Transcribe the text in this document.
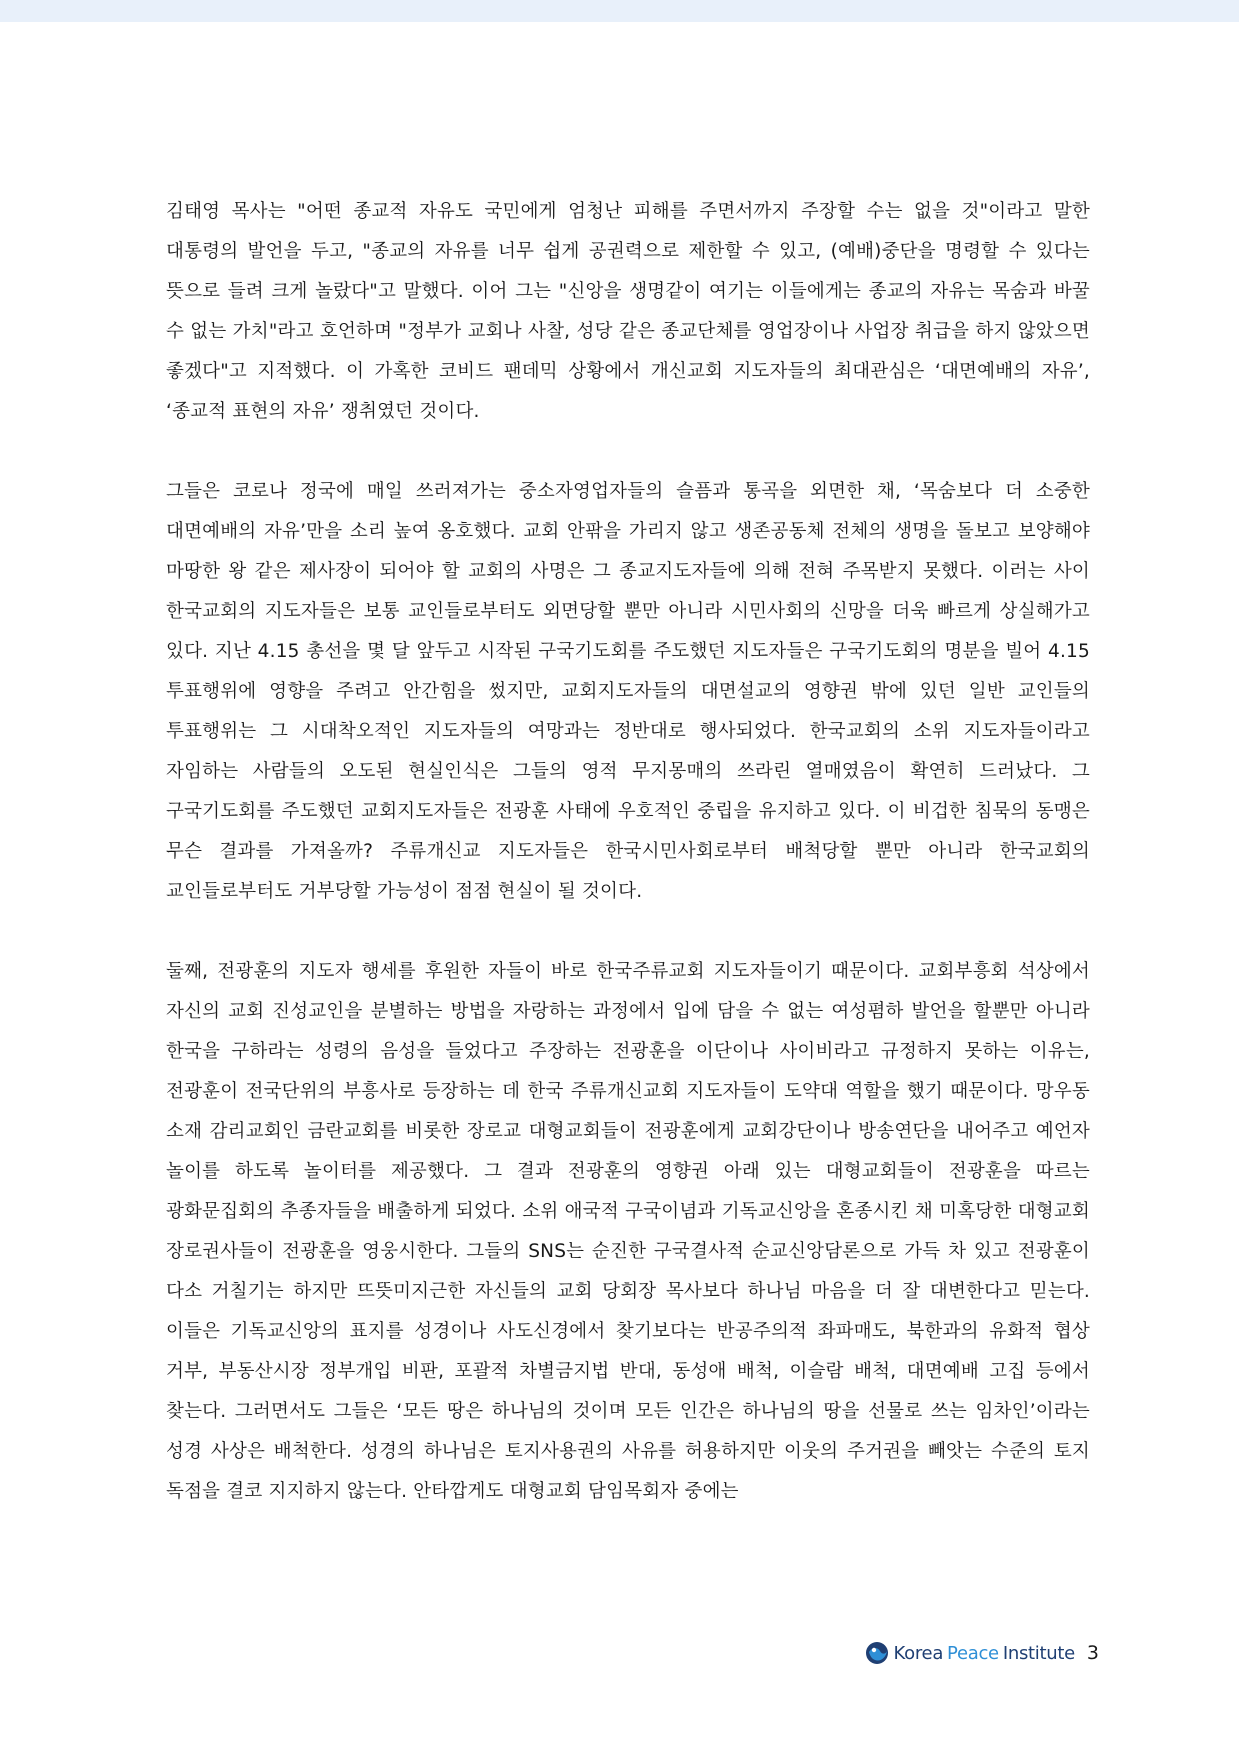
김태영 목사는 "어떤 종교적 자유도 국민에게 엄청난 피해를 주면서까지 주장할 수는 없을 것"이라고 말한 대통령의 발언을 두고, "종교의 자유를 너무 쉽게 공권력으로 제한할 수 있고, (예배)중단을 명령할 수 있다는 뜻으로 들려 크게 놀랐다"고 말했다. 이어 그는 "신앙을 생명같이 여기는 이들에게는 종교의 자유는 목숨과 바꿀 수 없는 가치"라고 호언하며 "정부가 교회나 사찰, 성당 같은 종교단체를 영업장이나 사업장 취급을 하지 않았으면 좋겠다"고 지적했다. 이 가혹한 코비드 팬데믹 상황에서 개신교회 지도자들의 최대관심은 ‘대면예배의 자유’, ‘종교적 표현의 자유’ 쟁취였던 것이다.

그들은 코로나 정국에 매일 쓰러져가는 중소자영업자들의 슬픔과 통곡을 외면한 채, ‘목숨보다 더 소중한 대면예배의 자유’만을 소리 높여 옹호했다. 교회 안팎을 가리지 않고 생존공동체 전체의 생명을 돌보고 보양해야 마땅한 왕 같은 제사장이 되어야 할 교회의 사명은 그 종교지도자들에 의해 전혀 주목받지 못했다. 이러는 사이 한국교회의 지도자들은 보통 교인들로부터도 외면당할 뿐만 아니라 시민사회의 신망을 더욱 빠르게 상실해가고 있다. 지난 4.15 총선을 몇 달 앞두고 시작된 구국기도회를 주도했던 지도자들은 구국기도회의 명분을 빌어 4.15 투표행위에 영향을 주려고 안간힘을 썼지만, 교회지도자들의 대면설교의 영향권 밖에 있던 일반 교인들의 투표행위는 그 시대착오적인 지도자들의 여망과는 정반대로 행사되었다. 한국교회의 소위 지도자들이라고 자임하는 사람들의 오도된 현실인식은 그들의 영적 무지몽매의 쓰라린 열매였음이 확연히 드러났다. 그 구국기도회를 주도했던 교회지도자들은 전광훈 사태에 우호적인 중립을 유지하고 있다. 이 비겁한 침묵의 동맹은 무슨 결과를 가져올까? 주류개신교 지도자들은 한국시민사회로부터 배척당할 뿐만 아니라 한국교회의 교인들로부터도 거부당할 가능성이 점점 현실이 될 것이다.

둘째, 전광훈의 지도자 행세를 후원한 자들이 바로 한국주류교회 지도자들이기 때문이다. 교회부흥회 석상에서 자신의 교회 진성교인을 분별하는 방법을 자랑하는 과정에서 입에 담을 수 없는 여성폄하 발언을 할뿐만 아니라 한국을 구하라는 성령의 음성을 들었다고 주장하는 전광훈을 이단이나 사이비라고 규정하지 못하는 이유는, 전광훈이 전국단위의 부흥사로 등장하는 데 한국 주류개신교회 지도자들이 도약대 역할을 했기 때문이다. 망우동 소재 감리교회인 금란교회를 비롯한 장로교 대형교회들이 전광훈에게 교회강단이나 방송연단을 내어주고 예언자 놀이를 하도록 놀이터를 제공했다. 그 결과 전광훈의 영향권 아래 있는 대형교회들이 전광훈을 따르는 광화문집회의 추종자들을 배출하게 되었다. 소위 애국적 구국이념과 기독교신앙을 혼종시킨 채 미혹당한 대형교회 장로권사들이 전광훈을 영웅시한다. 그들의 SNS는 순진한 구국결사적 순교신앙담론으로 가득 차 있고 전광훈이 다소 거칠기는 하지만 뜨뜻미지근한 자신들의 교회 당회장 목사보다 하나님 마음을 더 잘 대변한다고 믿는다. 이들은 기독교신앙의 표지를 성경이나 사도신경에서 찾기보다는 반공주의적 좌파매도, 북한과의 유화적 협상 거부, 부동산시장 정부개입 비판, 포괄적 차별금지법 반대, 동성애 배척, 이슬람 배척, 대면예배 고집 등에서 찾는다. 그러면서도 그들은 ‘모든 땅은 하나님의 것이며 모든 인간은 하나님의 땅을 선물로 쓰는 임차인’이라는 성경 사상은 배척한다. 성경의 하나님은 토지사용권의 사유를 허용하지만 이웃의 주거권을 빼앗는 수준의 토지 독점을 결코 지지하지 않는다. 안타깝게도 대형교회 담임목회자 중에는

Korea Peace Institute 3
